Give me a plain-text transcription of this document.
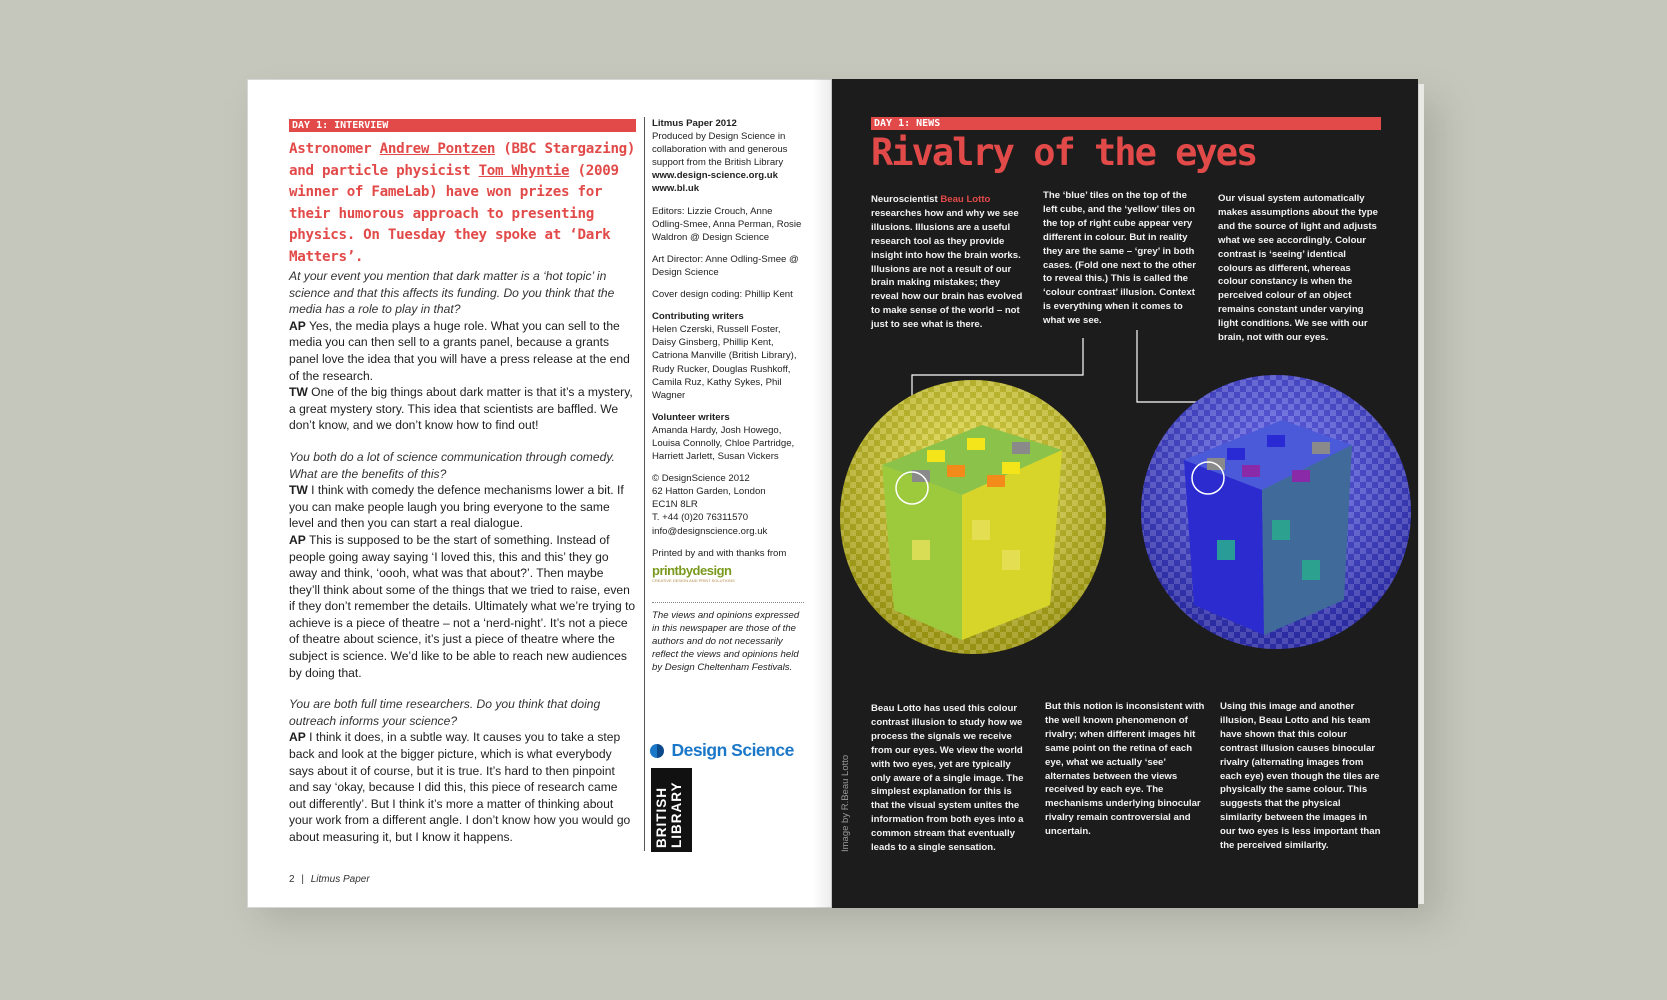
DAY 1: INTERVIEW
Astronomer Andrew Pontzen (BBC Stargazing) and particle physicist Tom Whyntie (2009 winner of FameLab) have won prizes for their humorous approach to presenting physics. On Tuesday they spoke at ‘Dark Matters’.
At your event you mention that dark matter is a ‘hot topic’ in science and that this affects its funding. Do you think that the media has a role to play in that?
AP Yes, the media plays a huge role. What you can sell to the media you can then sell to a grants panel, because a grants panel love the idea that you will have a press release at the end of the research.
TW One of the big things about dark matter is that it’s a mystery, a great mystery story. This idea that scientists are baffled. We don’t know, and we don’t know how to find out!
You both do a lot of science communication through comedy. What are the benefits of this?
TW I think with comedy the defence mechanisms lower a bit. If you can make people laugh you bring everyone to the same level and then you can start a real dialogue.
AP This is supposed to be the start of something. Instead of people going away saying ‘I loved this, this and this’ they go away and think, ‘oooh, what was that about?’. Then maybe they’ll think about some of the things that we tried to raise, even if they don’t remember the details. Ultimately what we’re trying to achieve is a piece of theatre – not a ‘nerd-night’. It’s not a piece of theatre about science, it’s just a piece of theatre where the subject is science. We’d like to be able to reach new audiences by doing that.
You are both full time researchers. Do you think that doing outreach informs your science?
AP I think it does, in a subtle way. It causes you to take a step back and look at the bigger picture, which is what everybody says about it of course, but it is true. It’s hard to then pinpoint and say ‘okay, because I did this, this piece of research came out differently’. But I think it’s more a matter of thinking about your work from a different angle. I don’t know how you would go about measuring it, but I know it happens.
Litmus Paper 2012
Produced by Design Science in collaboration with and generous support from the British Library
www.design-science.org.uk
www.bl.uk
Editors: Lizzie Crouch, Anne Odling-Smee, Anna Perman, Rosie Waldron @ Design Science
Art Director: Anne Odling-Smee @ Design Science
Cover design coding: Phillip Kent
Contributing writers
Helen Czerski, Russell Foster, Daisy Ginsberg, Phillip Kent, Catriona Manville (British Library), Rudy Rucker, Douglas Rushkoff, Camila Ruz, Kathy Sykes, Phil Wagner
Volunteer writers
Amanda Hardy, Josh Howego, Louisa Connolly, Chloe Partridge, Harriett Jarlett, Susan Vickers
© DesignScience 2012
62 Hatton Garden, London
EC1N 8LR
T. +44 (0)20 76311570
info@designscience.org.uk
Printed by and with thanks from
printbydesign
CREATIVE DESIGN AND PRINT SOLUTIONS
The views and opinions expressed in this newspaper are those of the authors and do not necessarily reflect the views and opinions held by Design Cheltenham Festivals.
Design Science
BRITISH LIBRARY
2 | Litmus Paper
DAY 1: NEWS
Rivalry of the eyes
Neuroscientist Beau Lotto researches how and why we see illusions. Illusions are a useful research tool as they provide insight into how the brain works. Illusions are not a result of our brain making mistakes; they reveal how our brain has evolved to make sense of the world – not just to see what is there.
The ‘blue’ tiles on the top of the left cube, and the ‘yellow’ tiles on the top of right cube appear very different in colour. But in reality they are the same – ‘grey’ in both cases. (Fold one next to the other to reveal this.) This is called the ‘colour contrast’ illusion. Context is everything when it comes to what we see.
Our visual system automatically makes assumptions about the type and the source of light and adjusts what we see accordingly. Colour contrast is ‘seeing’ identical colours as different, whereas colour constancy is when the perceived colour of an object remains constant under varying light conditions. We see with our brain, not with our eyes.
Beau Lotto has used this colour contrast illusion to study how we process the signals we receive from our eyes. We view the world with two eyes, yet are typically only aware of a single image. The simplest explanation for this is that the visual system unites the information from both eyes into a common stream that eventually leads to a single sensation.
But this notion is inconsistent with the well known phenomenon of rivalry; when different images hit same point on the retina of each eye, what we actually ‘see’ alternates between the views received by each eye. The mechanisms underlying binocular rivalry remain controversial and uncertain.
Using this image and another illusion, Beau Lotto and his team have shown that this colour contrast illusion causes binocular rivalry (alternating images from each eye) even though the tiles are physically the same colour. This suggests that the physical similarity between the images in our two eyes is less important than the perceived similarity.
Image by R.Beau Lotto
